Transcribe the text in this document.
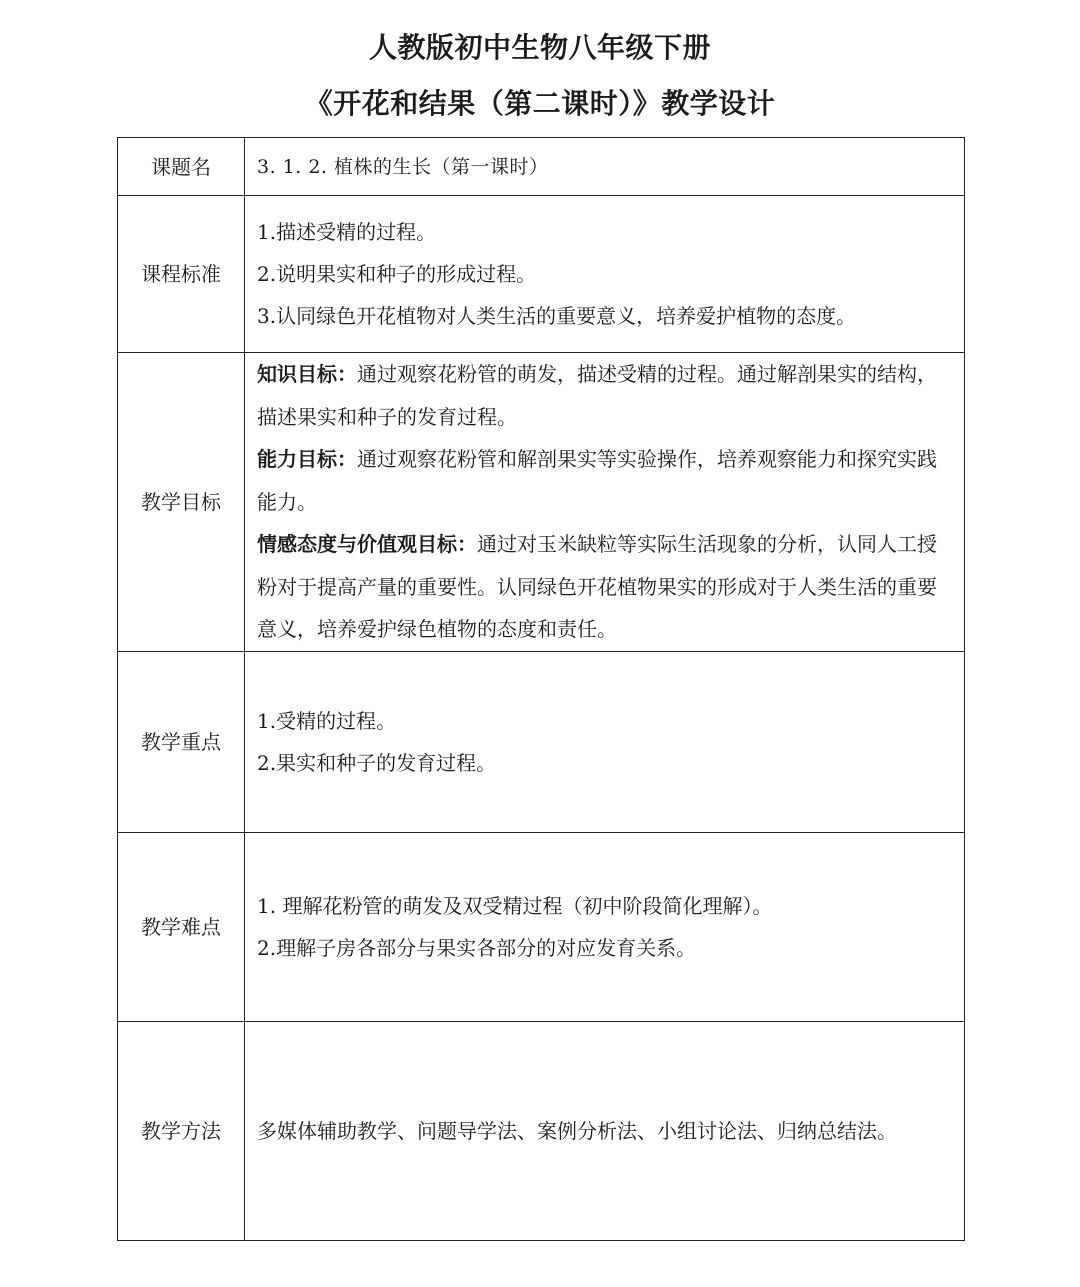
人教版初中生物八年级下册
《开花和结果（第二课时）》教学设计
课题名	3. 1. 2. 植株的生长（第一课时）
课程标准	1.描述受精的过程。
2.说明果实和种子的形成过程。
3.认同绿色开花植物对人类生活的重要意义，培养爱护植物的态度。

教学目标	知识目标：通过观察花粉管的萌发，描述受精的过程。通过解剖果实的结构，描述果实和种子的发育过程。
能力目标：通过观察花粉管和解剖果实等实验操作，培养观察能力和探究实践能力。
情感态度与价值观目标：通过对玉米缺粒等实际生活现象的分析，认同人工授粉对于提高产量的重要性。认同绿色开花植物果实的形成对于人类生活的重要意义，培养爱护绿色植物的态度和责任。

教学重点	1.受精的过程。
2.果实和种子的发育过程。

教学难点	1. 理解花粉管的萌发及双受精过程（初中阶段简化理解）。
2.理解子房各部分与果实各部分的对应发育关系。

教学方法	多媒体辅助教学、问题导学法、案例分析法、小组讨论法、归纳总结法。
